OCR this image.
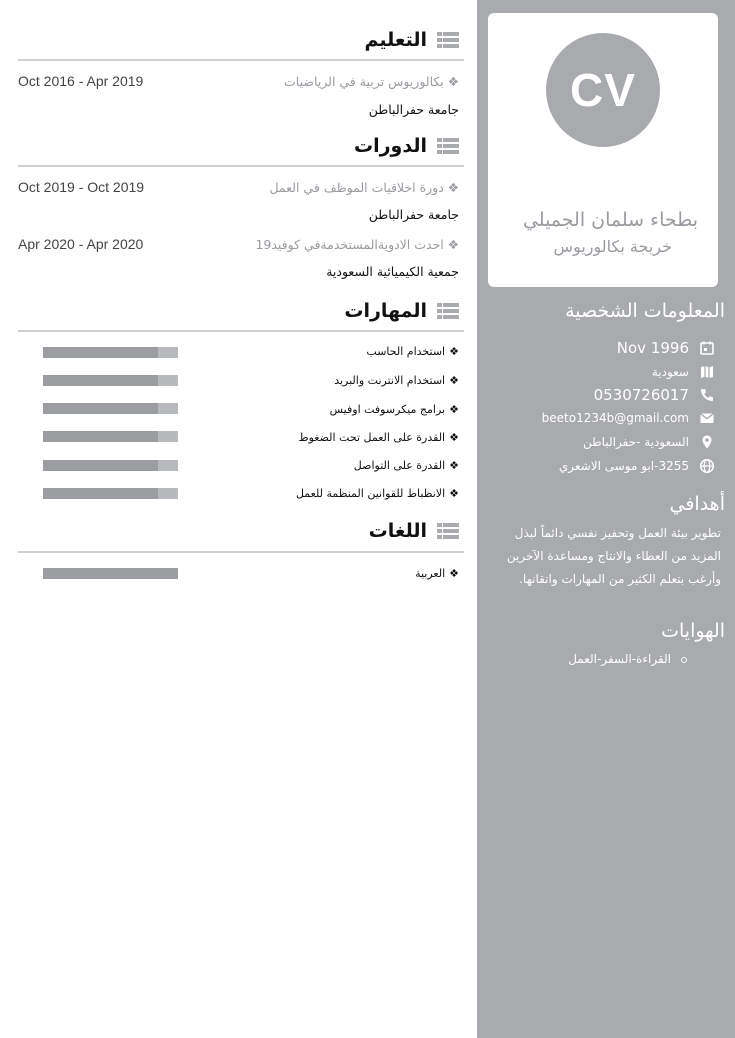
CV
بطحاء سلمان الجميلي
خريجة بكالوريوس
المعلومات الشخصية
Nov 1996
سعودية
0530726017
beeto1234b@gmail.com
السعودية -حفرالباطن
3255-ابو موسى الاشعري
أهدافي
تطوير بيئة العمل وتحفيز نفسي دائماً لبذل المزيد من العطاء والانتاج ومساعدة الآخرين وأرغب بتعلم الكثير من المهارات واتقانها.
الهوايات
القراءة-السفر-العمل
التعليم
❖بكالوريوس تربية في الرياضيات
Oct 2016 - Apr 2019
جامعة حفرالباطن
الدورات
❖دورة اخلاقيات الموظف في العمل
Oct 2019 - Oct 2019
جامعة حفرالباطن
❖احدث الادويةالمستخدمةفي كوفيد19
Apr 2020 - Apr 2020
جمعية الكيميائية السعودية
المهارات
❖استخدام الحاسب
❖استخدام الانترنت والبريد
❖برامج ميكرسوفت اوفيس
❖القدرة على العمل تحت الضغوط
❖القدرة على التواصل
❖الانظباط للقوانين المنظمة للعمل
اللغات
❖العربية
